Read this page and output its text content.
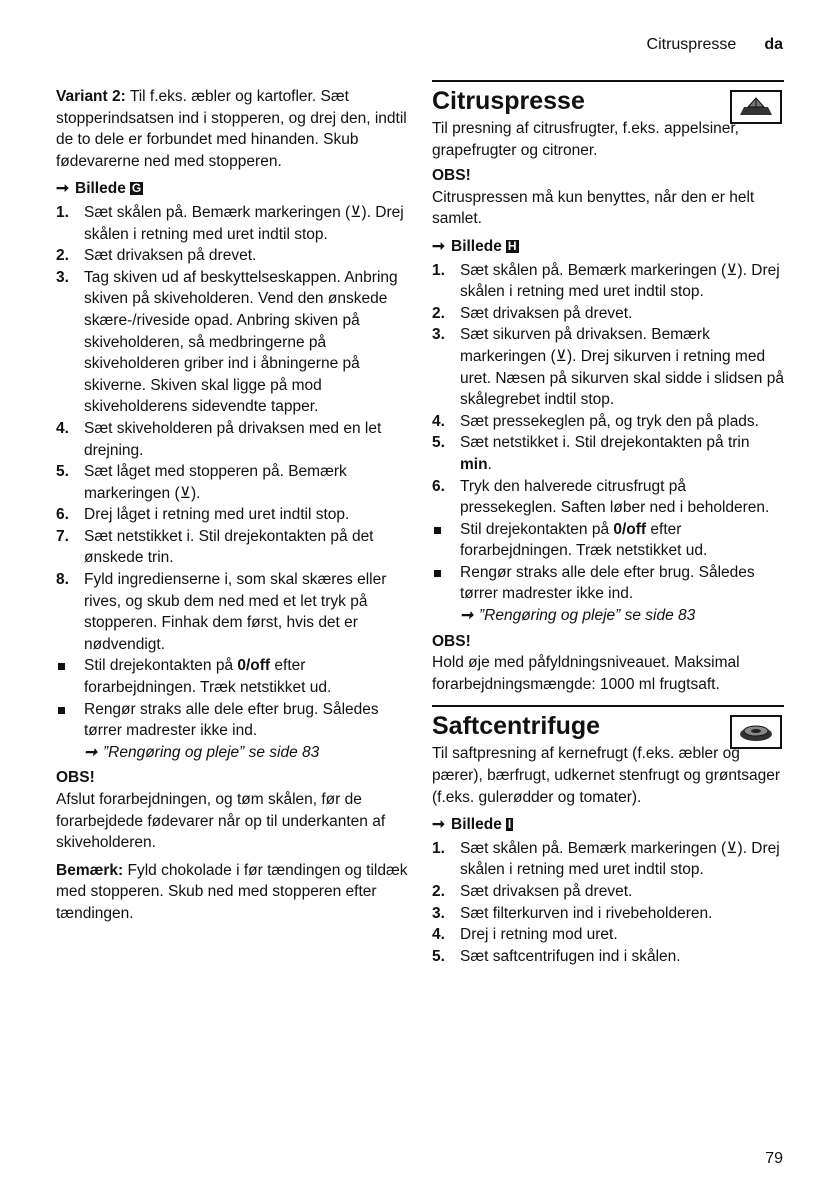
Citruspresse da

Variant 2: Til f.eks. æbler og kartofler. Sæt stopperindsatsen ind i stopperen, og drej den, indtil de to dele er forbundet med hinanden. Skub fødevarerne ned med stopperen.

➞ Billede G

1. Sæt skålen på. Bemærk markeringen (⊻). Drej skålen i retning med uret indtil stop.
2. Sæt drivaksen på drevet.
3. Tag skiven ud af beskyttelseskappen. Anbring skiven på skiveholderen. Vend den ønskede skære-/riveside opad. Anbring skiven på skiveholderen, så medbringerne på skiveholderen griber ind i åbningerne på skiverne. Skiven skal ligge på mod skiveholderens sidevendte tapper.
4. Sæt skiveholderen på drivaksen med en let drejning.
5. Sæt låget med stopperen på. Bemærk markeringen (⊻).
6. Drej låget i retning med uret indtil stop.
7. Sæt netstikket i. Stil drejekontakten på det ønskede trin.
8. Fyld ingredienserne i, som skal skæres eller rives, og skub dem ned med et let tryk på stopperen. Finhak dem først, hvis det er nødvendigt.
Stil drejekontakten på 0/off efter forarbejdningen. Træk netstikket ud.
Rengør straks alle dele efter brug. Således tørrer madrester ikke ind.

➞ ”Rengøring og pleje” se side 83

OBS!

Afslut forarbejdningen, og tøm skålen, før de forarbejdede fødevarer når op til underkanten af skiveholderen.

Bemærk: Fyld chokolade i før tændingen og tildæk med stopperen. Skub ned med stopperen efter tændingen.

Citruspresse

Til presning af citrusfrugter, f.eks. appelsiner, grapefrugter og citroner.

OBS!

Citruspressen må kun benyttes, når den er helt samlet.

➞ Billede H

1. Sæt skålen på. Bemærk markeringen (⊻). Drej skålen i retning med uret indtil stop.
2. Sæt drivaksen på drevet.
3. Sæt sikurven på drivaksen. Bemærk markeringen (⊻). Drej sikurven i retning med uret. Næsen på sikurven skal sidde i slidsen på skålegrebet indtil stop.
4. Sæt pressekeglen på, og tryk den på plads.
5. Sæt netstikket i. Stil drejekontakten på trin min.
6. Tryk den halverede citrusfrugt på pressekeglen. Saften løber ned i beholderen.
Stil drejekontakten på 0/off efter forarbejdningen. Træk netstikket ud.
Rengør straks alle dele efter brug. Således tørrer madrester ikke ind.

➞ ”Rengøring og pleje” se side 83

OBS!

Hold øje med påfyldningsniveauet. Maksimal forarbejdningsmængde: 1000 ml frugtsaft.

Saftcentrifuge

Til saftpresning af kernefrugt (f.eks. æbler og pærer), bærfrugt, udkernet stenfrugt og grøntsager (f.eks. gulerødder og tomater).

➞ Billede I

1. Sæt skålen på. Bemærk markeringen (⊻). Drej skålen i retning med uret indtil stop.
2. Sæt drivaksen på drevet.
3. Sæt filterkurven ind i rivebeholderen.
4. Drej i retning mod uret.
5. Sæt saftcentrifugen ind i skålen.
79
